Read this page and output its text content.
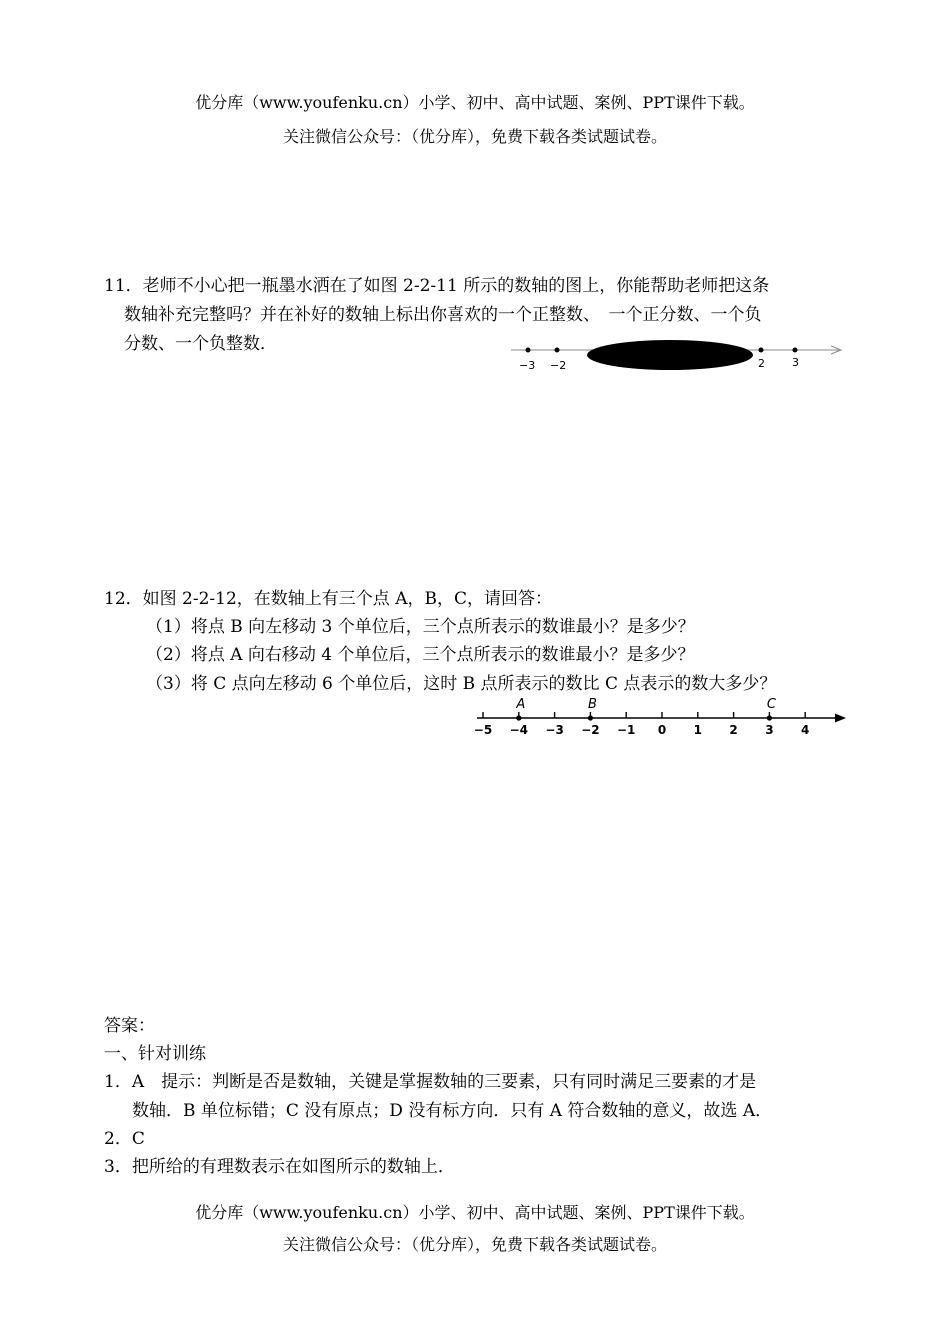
优分库（www.youfenku.cn）小学、初中、高中试题、案例、PPT课件下载。
关注微信公众号：（优分库），免费下载各类试题试卷。
11．老师不小心把一瓶墨水洒在了如图 2-2-11 所示的数轴的图上，你能帮助老师把这条
数轴补充完整吗？并在补好的数轴上标出你喜欢的一个正整数、　一个正分数、一个负
分数、一个负整数．
−3 −2	2 3
12．如图 2-2-12，在数轴上有三个点 A，B，C，请回答：
（1）将点 B 向左移动 3 个单位后，三个点所表示的数谁最小？是多少？
（2）将点 A 向右移动 4 个单位后，三个点所表示的数谁最小？是多少？
（3）将 C 点向左移动 6 个单位后，这时 B 点所表示的数比 C 点表示的数大多少？
−5 −4 −3 −2 −1 0 1 2 3 4
A	B	C
答案：
一、针对训练
1．A　提示：判断是否是数轴，关键是掌握数轴的三要素，只有同时满足三要素的才是
数轴．B 单位标错；C 没有原点；D 没有标方向．只有 A 符合数轴的意义，故选 A．
2．C
3．把所给的有理数表示在如图所示的数轴上．
优分库（www.youfenku.cn）小学、初中、高中试题、案例、PPT课件下载。
关注微信公众号：（优分库），免费下载各类试题试卷。
